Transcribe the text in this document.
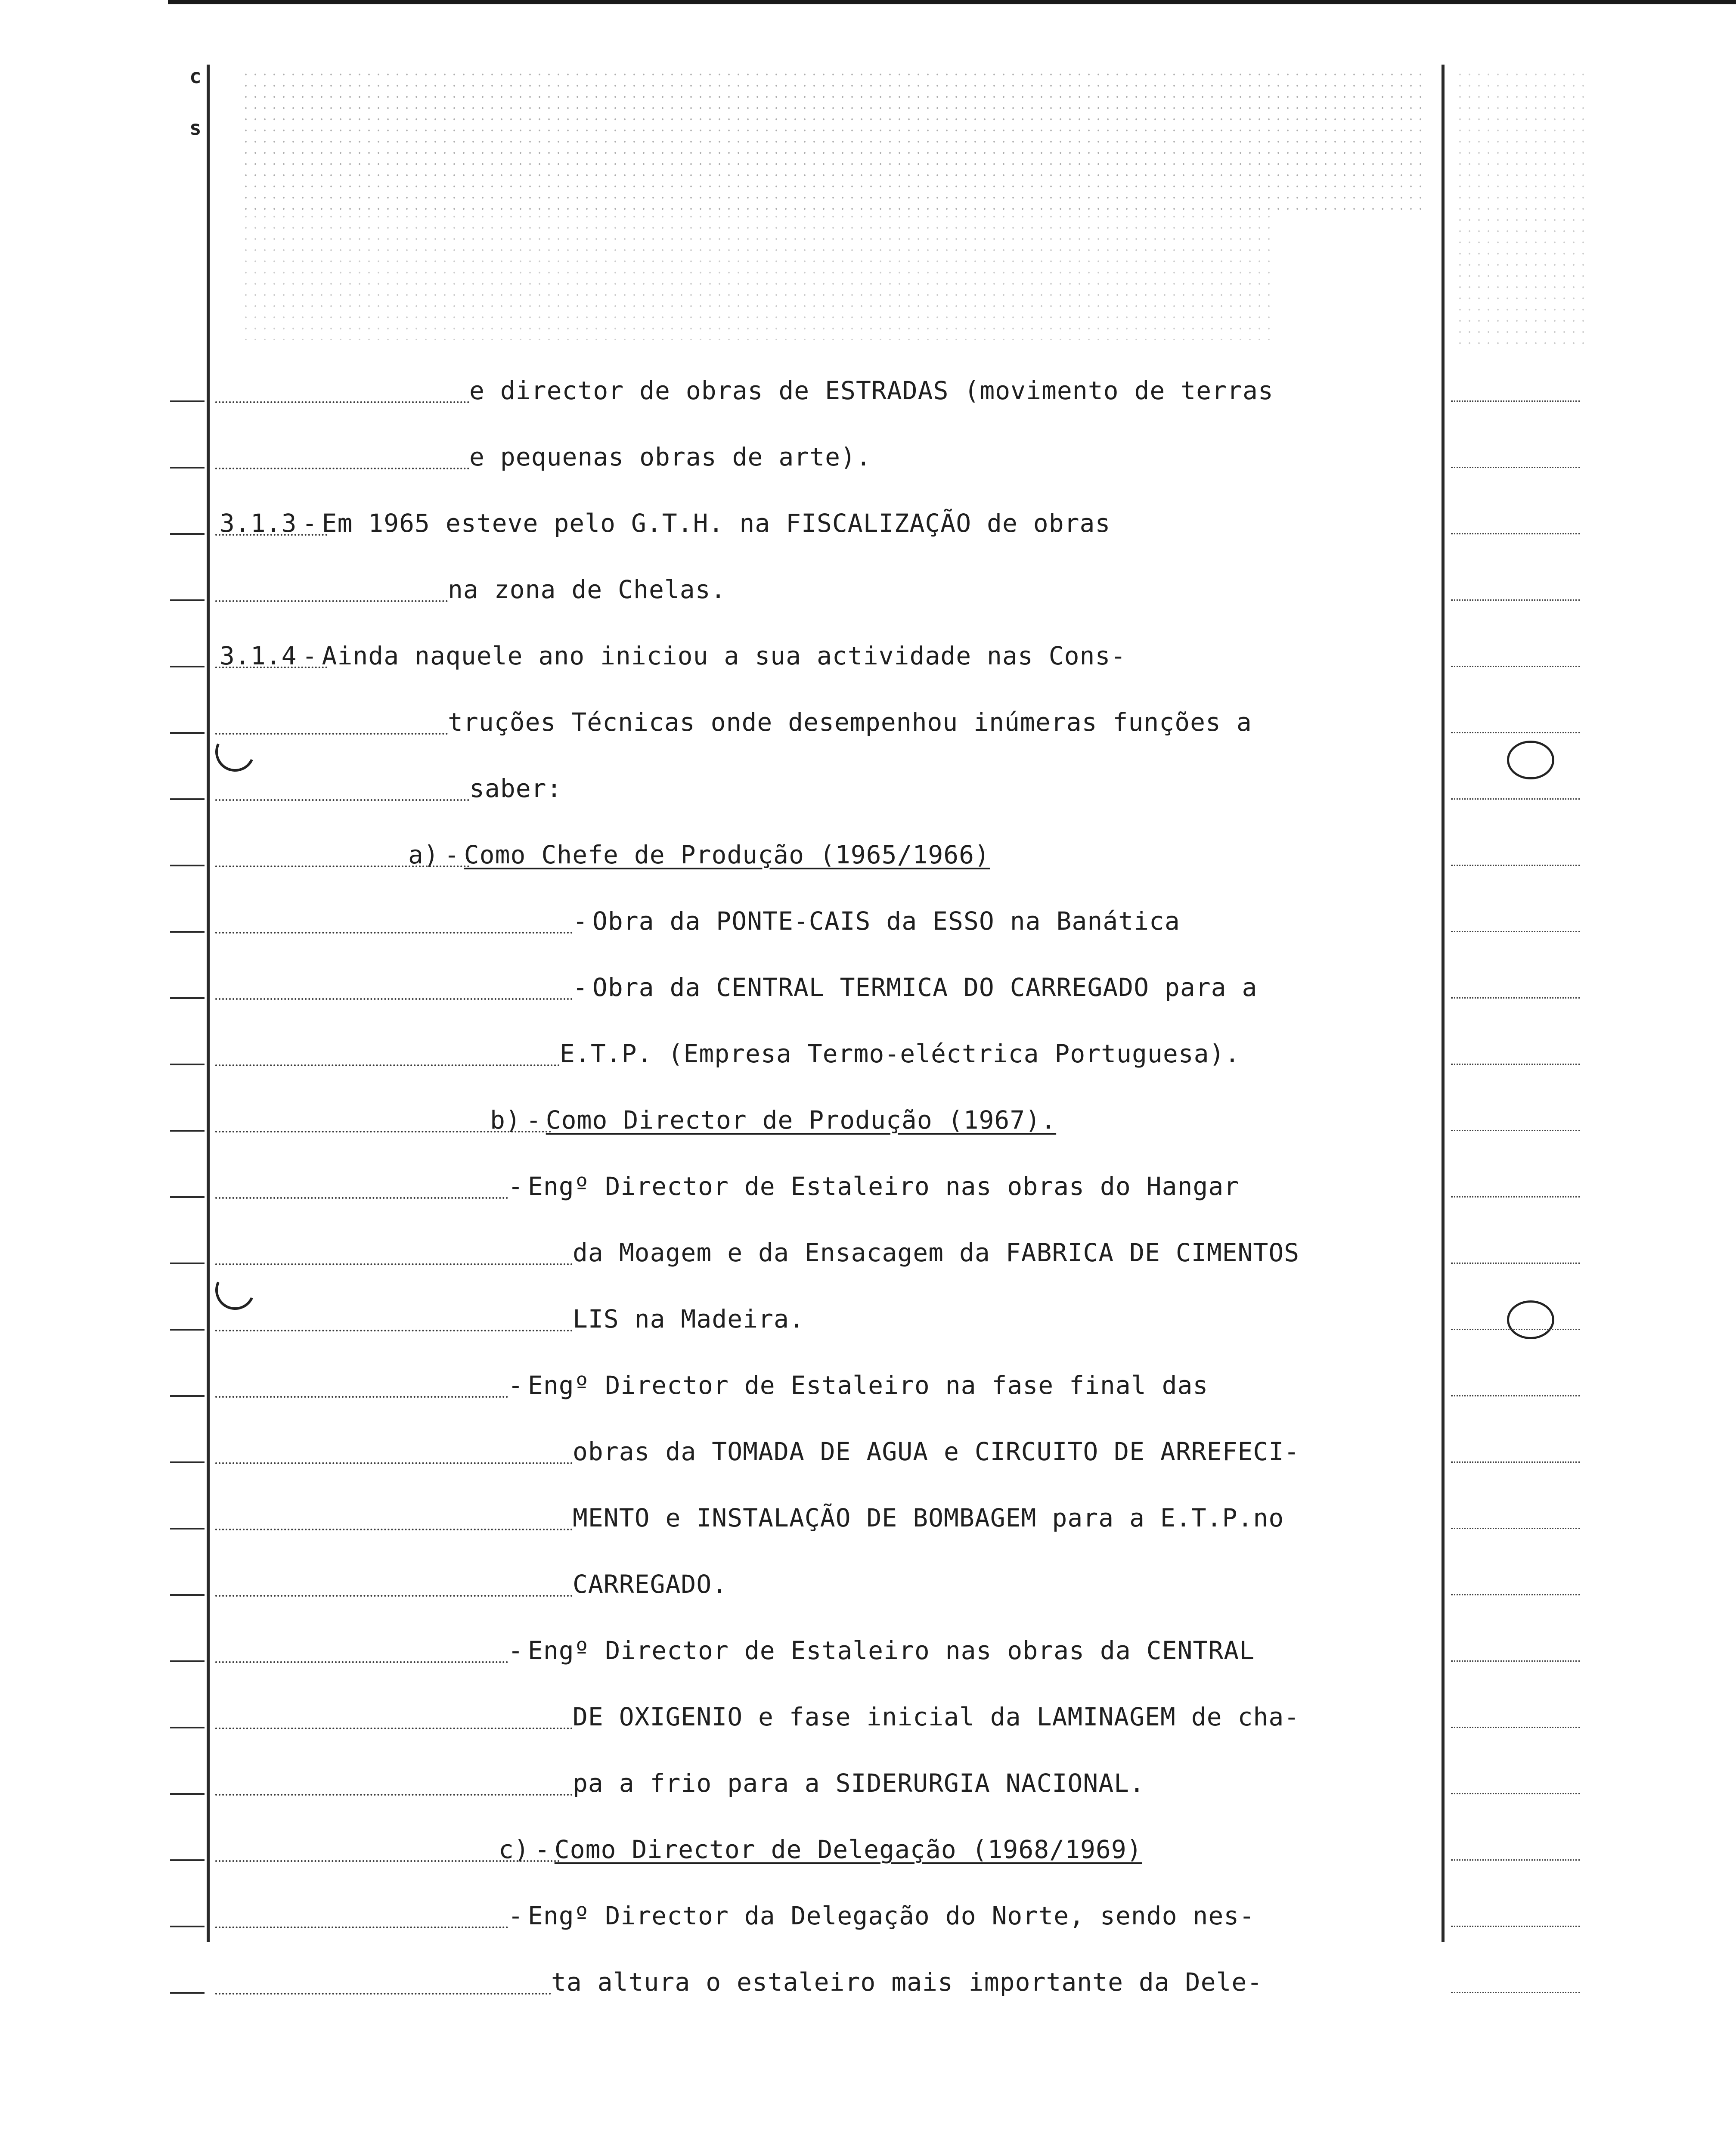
c
s
e director de obras de ESTRADAS (movimento de terras
e pequenas obras de arte).
3.1.3 - Em 1965 esteve pelo G.T.H. na FISCALIZAÇÃO de obras
na zona de Chelas.
3.1.4 - Ainda naquele ano iniciou a sua actividade nas Cons-
truções Técnicas onde desempenhou inúmeras funções a
saber:
a) - Como Chefe de Produção (1965/1966)
- Obra da PONTE-CAIS da ESSO na Banática
- Obra da CENTRAL TERMICA DO CARREGADO para a
E.T.P. (Empresa Termo-eléctrica Portuguesa).
b) - Como Director de Produção (1967).
- Engº Director de Estaleiro nas obras do Hangar
da Moagem e da Ensacagem da FABRICA DE CIMENTOS
LIS na Madeira.
- Engº Director de Estaleiro na fase final das
obras da TOMADA DE AGUA e CIRCUITO DE ARREFECI-
MENTO e INSTALAÇÃO DE BOMBAGEM para a E.T.P.no
CARREGADO.
- Engº Director de Estaleiro nas obras da CENTRAL
DE OXIGENIO e fase inicial da LAMINAGEM de cha-
pa a frio para a SIDERURGIA NACIONAL.
c) - Como Director de Delegação (1968/1969)
- Engº Director da Delegação do Norte, sendo nes-
ta altura o estaleiro mais importante da Dele-
